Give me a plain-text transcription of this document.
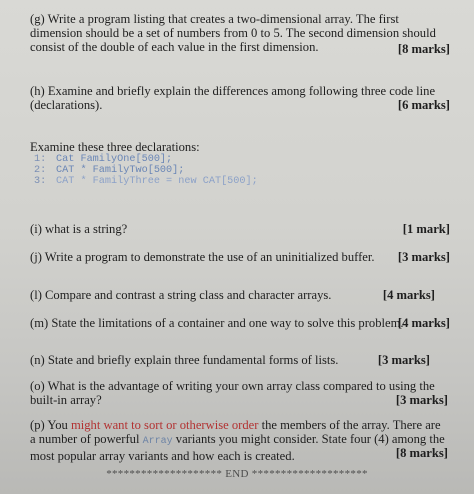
(g) Write a program listing that creates a two-dimensional array. The first dimension should be a set of numbers from 0 to 5. The second dimension should consist of the double of each value in the first dimension.	[8 marks]
(h) Examine and briefly explain the differences among following three code line (declarations).	[6 marks]
Examine these three declarations:
1: Cat FamilyOne[500];
2: CAT * FamilyTwo[500];
3: CAT * FamilyThree = new CAT[500];
(i) what is a string?	[1 mark]
(j) Write a program to demonstrate the use of an uninitialized buffer. [3 marks]
(l) Compare and contrast a string class and character arrays.	[4 marks]
(m) State the limitations of a container and one way to solve this problem.
[4 marks]
(n) State and briefly explain three fundamental forms of lists.	[3 marks]
(o) What is the advantage of writing your own array class compared to using the built-in array?	[3 marks]
(p) You might want to sort or otherwise order the members of the array. There are a number of powerful Array variants you might consider. State four (4) among the most popular array variants and how each is created.	[8 marks]
******************** END ********************
